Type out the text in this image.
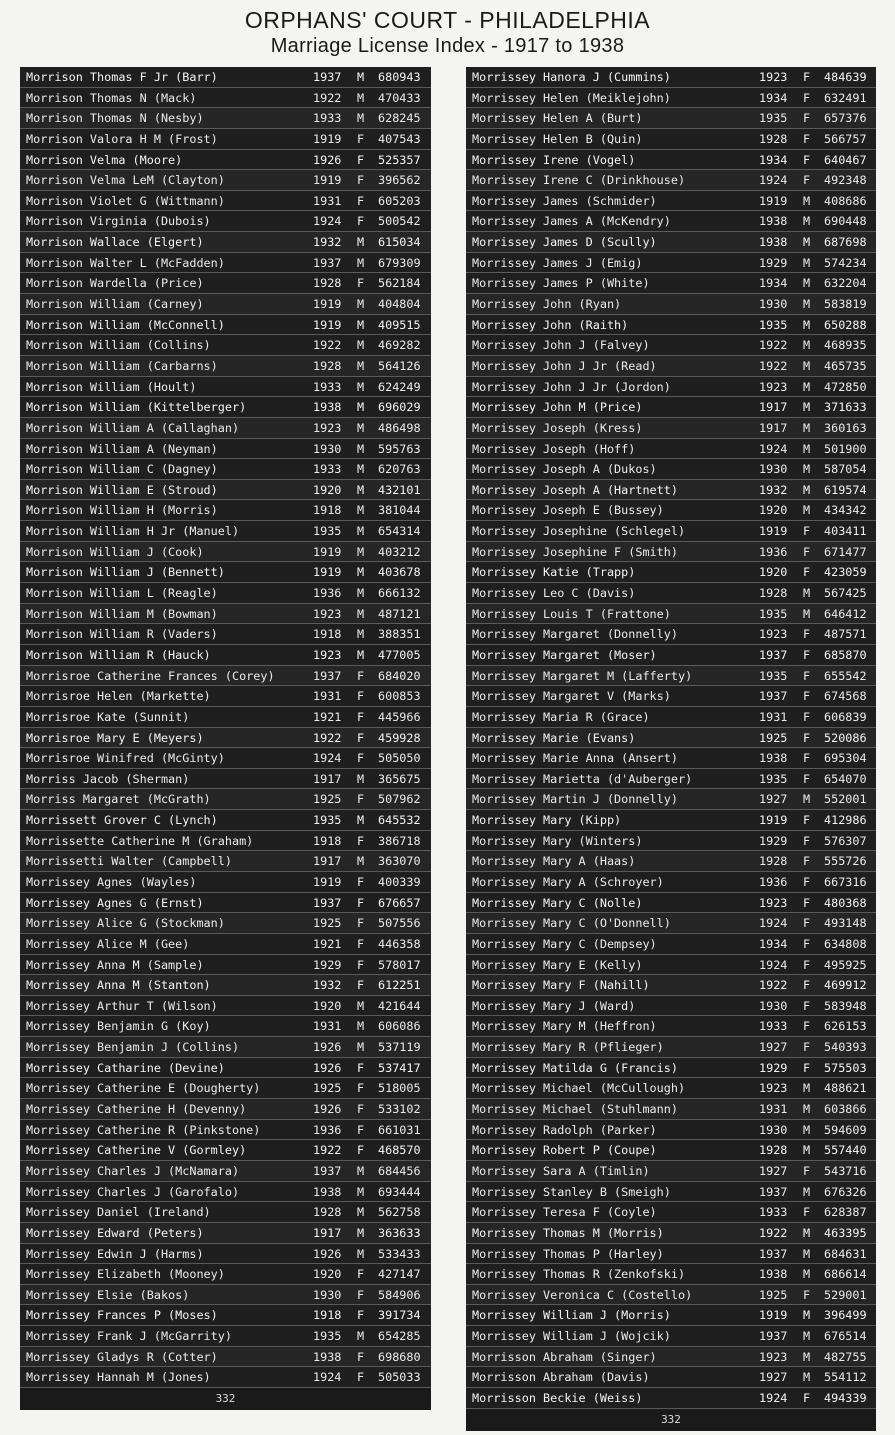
ORPHANS' COURT - PHILADELPHIA
Marriage License Index - 1917 to 1938
Morrison Thomas F Jr (Barr)	1937 M 680943
Morrison Thomas N (Mack)	1922 M 470433
Morrison Thomas N (Nesby)	1933 M 628245
Morrison Valora H M (Frost)	1919 F 407543
Morrison Velma (Moore)	1926 F 525357
Morrison Velma LeM (Clayton)	1919 F 396562
Morrison Violet G (Wittmann)	1931 F 605203
Morrison Virginia (Dubois)	1924 F 500542
Morrison Wallace (Elgert)	1932 M 615034
Morrison Walter L (McFadden)	1937 M 679309
Morrison Wardella (Price)	1928 F 562184
Morrison William (Carney)	1919 M 404804
Morrison William (McConnell)	1919 M 409515
Morrison William (Collins)	1922 M 469282
Morrison William (Carbarns)	1928 M 564126
Morrison William (Hoult)	1933 M 624249
Morrison William (Kittelberger)	1938 M 696029
Morrison William A (Callaghan)	1923 M 486498
Morrison William A (Neyman)	1930 M 595763
Morrison William C (Dagney)	1933 M 620763
Morrison William E (Stroud)	1920 M 432101
Morrison William H (Morris)	1918 M 381044
Morrison William H Jr (Manuel)	1935 M 654314
Morrison William J (Cook)	1919 M 403212
Morrison William J (Bennett)	1919 M 403678
Morrison William L (Reagle)	1936 M 666132
Morrison William M (Bowman)	1923 M 487121
Morrison William R (Vaders)	1918 M 388351
Morrison William R (Hauck)	1923 M 477005
Morrisroe Catherine Frances (Corey)	1937 F 684020
Morrisroe Helen (Markette)	1931 F 600853
Morrisroe Kate (Sunnit)	1921 F 445966
Morrisroe Mary E (Meyers)	1922 F 459928
Morrisroe Winifred (McGinty)	1924 F 505050
Morriss Jacob (Sherman)	1917 M 365675
Morriss Margaret (McGrath)	1925 F 507962
Morrissett Grover C (Lynch)	1935 M 645532
Morrissette Catherine M (Graham)	1918 F 386718
Morrissetti Walter (Campbell)	1917 M 363070
Morrissey Agnes (Wayles)	1919 F 400339
Morrissey Agnes G (Ernst)	1937 F 676657
Morrissey Alice G (Stockman)	1925 F 507556
Morrissey Alice M (Gee)	1921 F 446358
Morrissey Anna M (Sample)	1929 F 578017
Morrissey Anna M (Stanton)	1932 F 612251
Morrissey Arthur T (Wilson)	1920 M 421644
Morrissey Benjamin G (Koy)	1931 M 606086
Morrissey Benjamin J (Collins)	1926 M 537119
Morrissey Catharine (Devine)	1926 F 537417
Morrissey Catherine E (Dougherty)	1925 F 518005
Morrissey Catherine H (Devenny)	1926 F 533102
Morrissey Catherine R (Pinkstone)	1936 F 661031
Morrissey Catherine V (Gormley)	1922 F 468570
Morrissey Charles J (McNamara)	1937 M 684456
Morrissey Charles J (Garofalo)	1938 M 693444
Morrissey Daniel (Ireland)	1928 M 562758
Morrissey Edward (Peters)	1917 M 363633
Morrissey Edwin J (Harms)	1926 M 533433
Morrissey Elizabeth (Mooney)	1920 F 427147
Morrissey Elsie (Bakos)	1930 F 584906
Morrissey Frances P (Moses)	1918 F 391734
Morrissey Frank J (McGarrity)	1935 M 654285
Morrissey Gladys R (Cotter)	1938 F 698680
Morrissey Hannah M (Jones)	1924 F 505033
332
Morrissey Hanora J (Cummins)	1923 F 484639
Morrissey Helen (Meiklejohn)	1934 F 632491
Morrissey Helen A (Burt)	1935 F 657376
Morrissey Helen B (Quin)	1928 F 566757
Morrissey Irene (Vogel)	1934 F 640467
Morrissey Irene C (Drinkhouse)	1924 F 492348
Morrissey James (Schmider)	1919 M 408686
Morrissey James A (McKendry)	1938 M 690448
Morrissey James D (Scully)	1938 M 687698
Morrissey James J (Emig)	1929 M 574234
Morrissey James P (White)	1934 M 632204
Morrissey John (Ryan)	1930 M 583819
Morrissey John (Raith)	1935 M 650288
Morrissey John J (Falvey)	1922 M 468935
Morrissey John J Jr (Read)	1922 M 465735
Morrissey John J Jr (Jordon)	1923 M 472850
Morrissey John M (Price)	1917 M 371633
Morrissey Joseph (Kress)	1917 M 360163
Morrissey Joseph (Hoff)	1924 M 501900
Morrissey Joseph A (Dukos)	1930 M 587054
Morrissey Joseph A (Hartnett)	1932 M 619574
Morrissey Joseph E (Bussey)	1920 M 434342
Morrissey Josephine (Schlegel)	1919 F 403411
Morrissey Josephine F (Smith)	1936 F 671477
Morrissey Katie (Trapp)	1920 F 423059
Morrissey Leo C (Davis)	1928 M 567425
Morrissey Louis T (Frattone)	1935 M 646412
Morrissey Margaret (Donnelly)	1923 F 487571
Morrissey Margaret (Moser)	1937 F 685870
Morrissey Margaret M (Lafferty)	1935 F 655542
Morrissey Margaret V (Marks)	1937 F 674568
Morrissey Maria R (Grace)	1931 F 606839
Morrissey Marie (Evans)	1925 F 520086
Morrissey Marie Anna (Ansert)	1938 F 695304
Morrissey Marietta (d'Auberger)	1935 F 654070
Morrissey Martin J (Donnelly)	1927 M 552001
Morrissey Mary (Kipp)	1919 F 412986
Morrissey Mary (Winters)	1929 F 576307
Morrissey Mary A (Haas)	1928 F 555726
Morrissey Mary A (Schroyer)	1936 F 667316
Morrissey Mary C (Nolle)	1923 F 480368
Morrissey Mary C (O'Donnell)	1924 F 493148
Morrissey Mary C (Dempsey)	1934 F 634808
Morrissey Mary E (Kelly)	1924 F 495925
Morrissey Mary F (Nahill)	1922 F 469912
Morrissey Mary J (Ward)	1930 F 583948
Morrissey Mary M (Heffron)	1933 F 626153
Morrissey Mary R (Pflieger)	1927 F 540393
Morrissey Matilda G (Francis)	1929 F 575503
Morrissey Michael (McCullough)	1923 M 488621
Morrissey Michael (Stuhlmann)	1931 M 603866
Morrissey Radolph (Parker)	1930 M 594609
Morrissey Robert P (Coupe)	1928 M 557440
Morrissey Sara A (Timlin)	1927 F 543716
Morrissey Stanley B (Smeigh)	1937 M 676326
Morrissey Teresa F (Coyle)	1933 F 628387
Morrissey Thomas M (Morris)	1922 M 463395
Morrissey Thomas P (Harley)	1937 M 684631
Morrissey Thomas R (Zenkofski)	1938 M 686614
Morrissey Veronica C (Costello)	1925 F 529001
Morrissey William J (Morris)	1919 M 396499
Morrissey William J (Wojcik)	1937 M 676514
Morrisson Abraham (Singer)	1923 M 482755
Morrisson Abraham (Davis)	1927 M 554112
Morrisson Beckie (Weiss)	1924 F 494339
332
